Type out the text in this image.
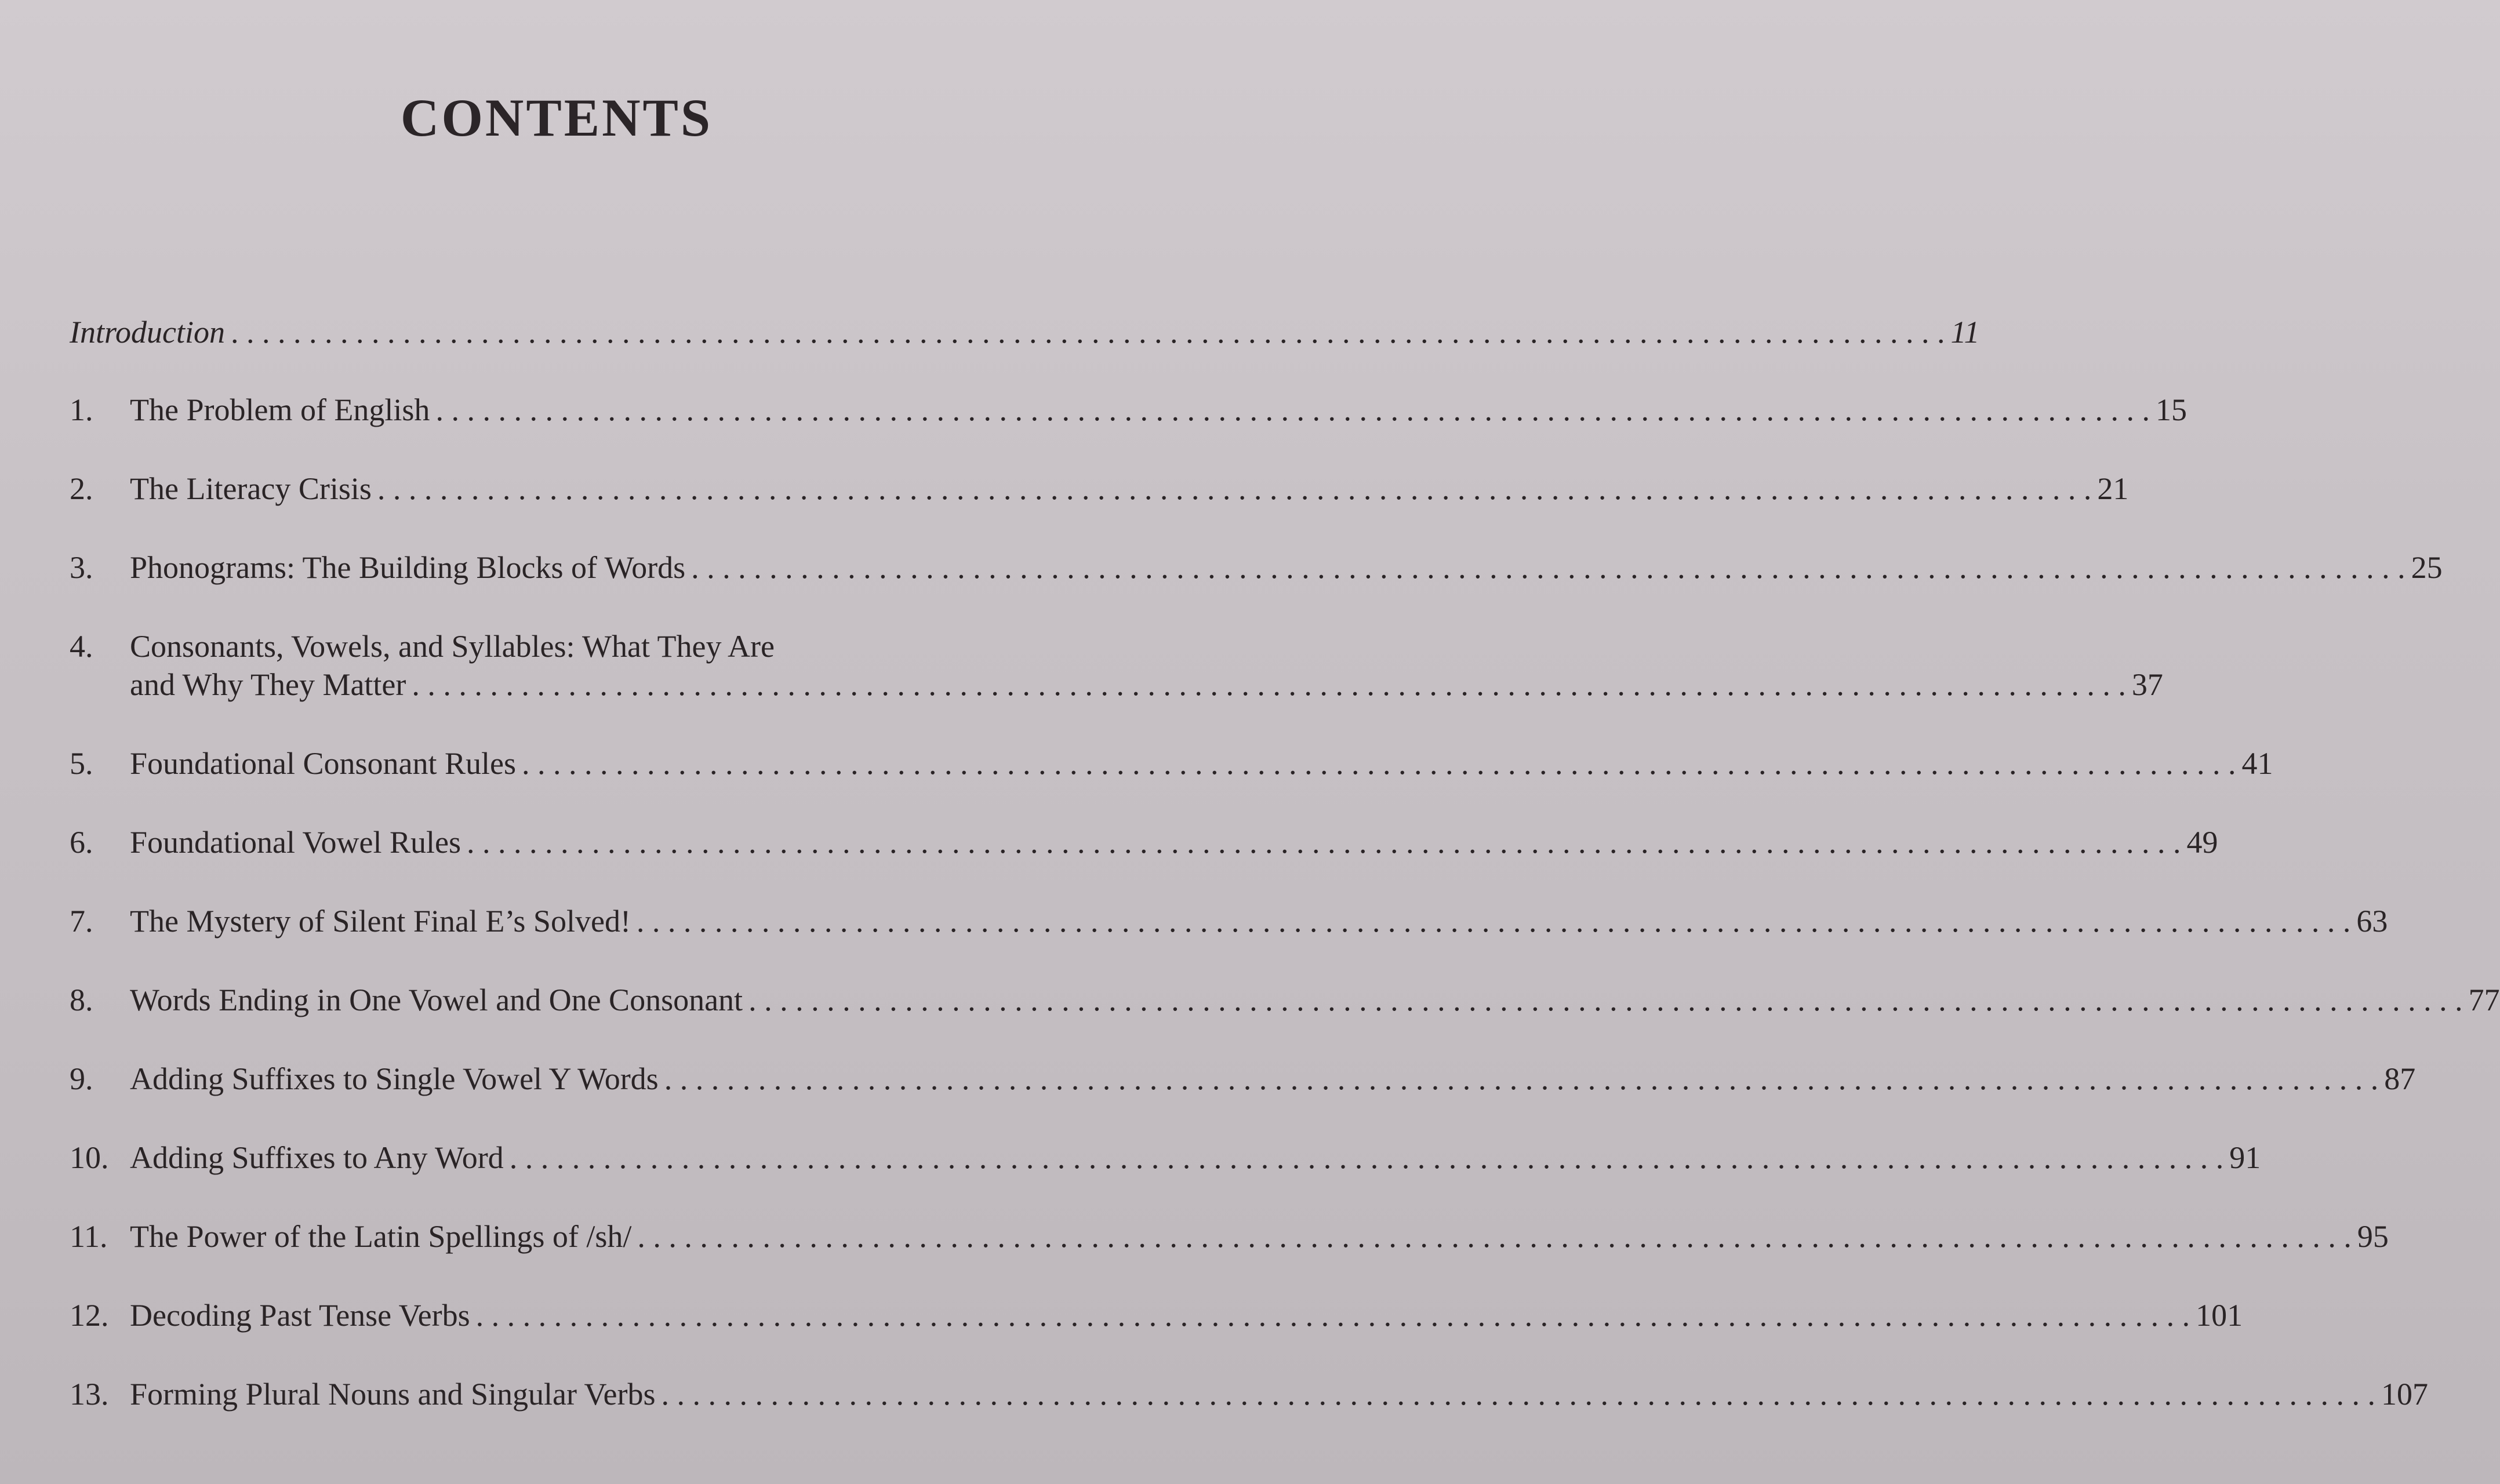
CONTENTS
Introduction . . .	11
1.	The Problem of English . . .	15
2.	The Literacy Crisis . . .	21
3.	Phonograms: The Building Blocks of Words . . .	25
4.	Consonants, Vowels, and Syllables: What They Are
and Why They Matter . . .	37
5.	Foundational Consonant Rules . . .	41
6.	Foundational Vowel Rules . . .	49
7.	The Mystery of Silent Final E’s Solved! . . .	63
8.	Words Ending in One Vowel and One Consonant . . .	77
9.	Adding Suffixes to Single Vowel Y Words . . .	87
10. Adding Suffixes to Any Word . . .	91
11. The Power of the Latin Spellings of /sh/ . . .	95
12. Decoding Past Tense Verbs . . .	101
13. Forming Plural Nouns and Singular Verbs . . .	107
